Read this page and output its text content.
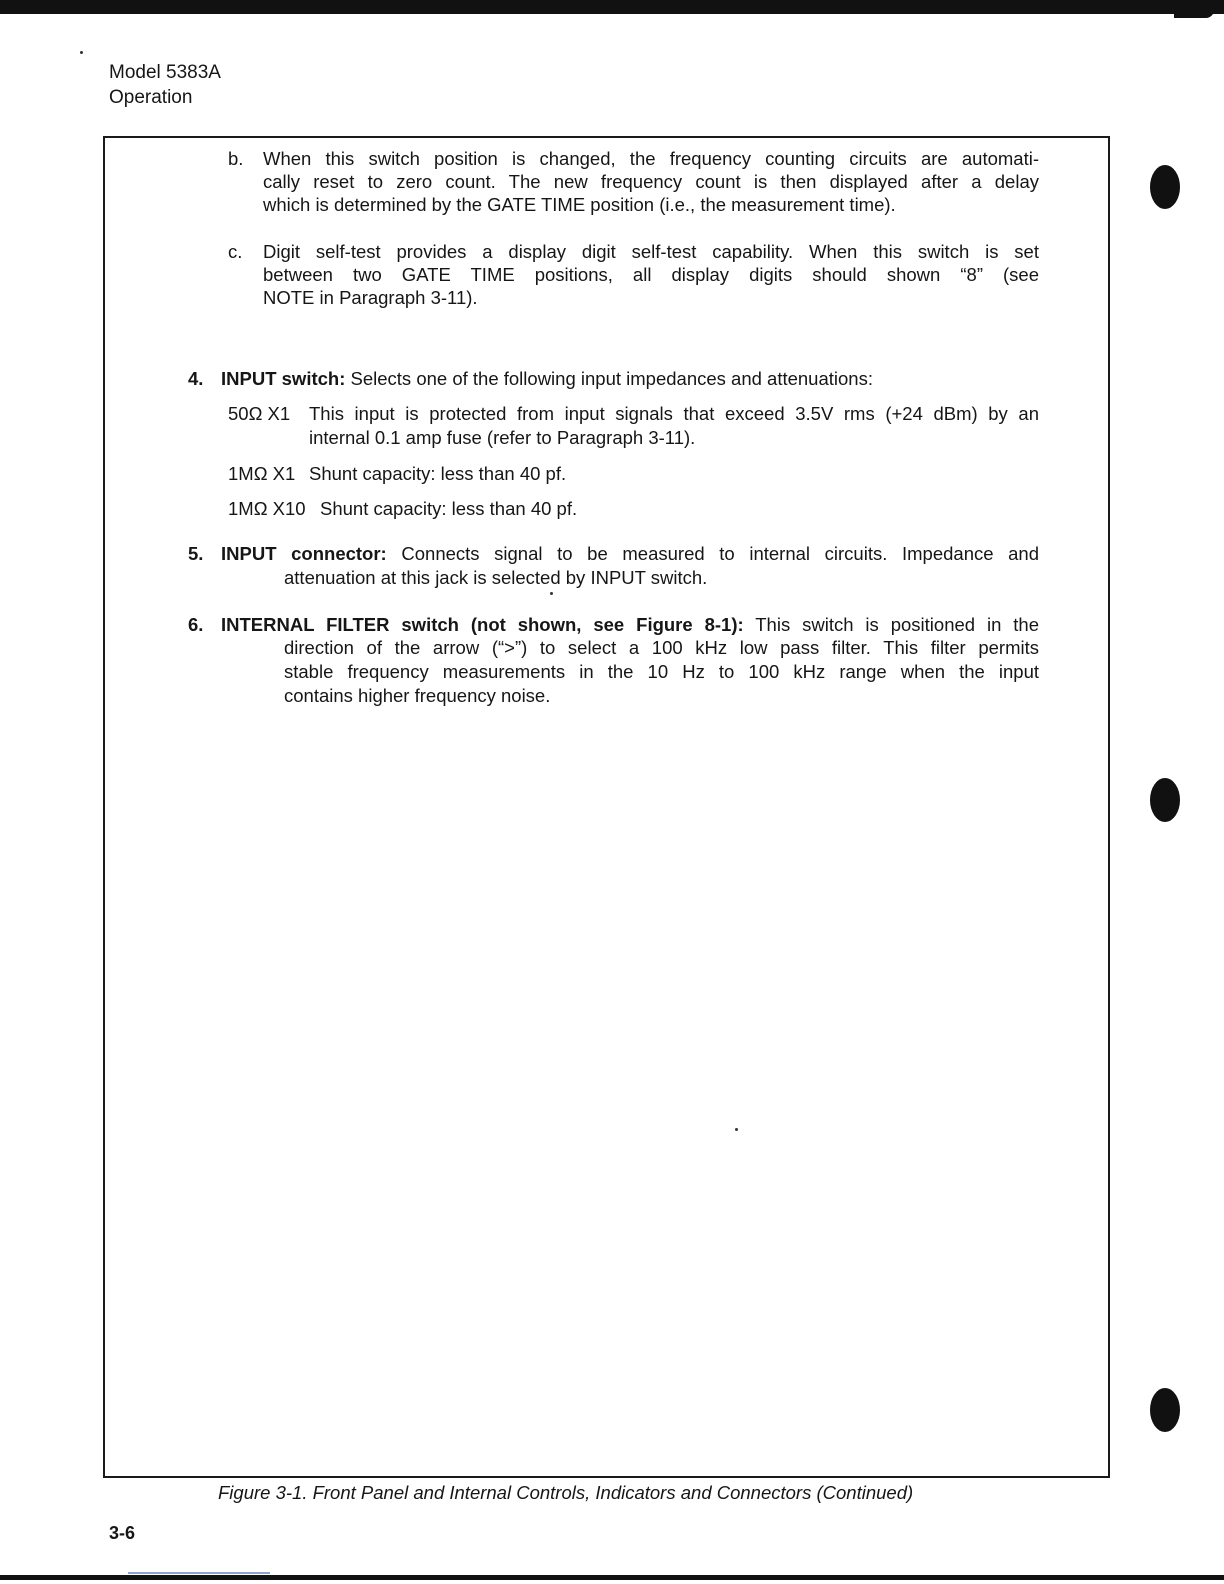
Model 5383A
Operation
b. When this switch position is changed, the frequency counting circuits are automati-
cally reset to zero count. The new frequency count is then displayed after a delay
which is determined by the GATE TIME position (i.e., the measurement time).
c. Digit self-test provides a display digit self-test capability. When this switch is set
between two GATE TIME positions, all display digits should shown “8” (see
NOTE in Paragraph 3-11).
4. INPUT switch: Selects one of the following input impedances and attenuations:
50Ω X1 This input is protected from input signals that exceed 3.5V rms (+24 dBm) by an
internal 0.1 amp fuse (refer to Paragraph 3-11).
1MΩ X1 Shunt capacity: less than 40 pf.
1MΩ X10 Shunt capacity: less than 40 pf.
5. INPUT connector: Connects signal to be measured to internal circuits. Impedance and
attenuation at this jack is selected by INPUT switch.
6. INTERNAL FILTER switch (not shown, see Figure 8-1): This switch is positioned in the
direction of the arrow (“>”) to select a 100 kHz low pass filter. This filter permits
stable frequency measurements in the 10 Hz to 100 kHz range when the input
contains higher frequency noise.
Figure 3-1. Front Panel and Internal Controls, Indicators and Connectors (Continued)
3-6
